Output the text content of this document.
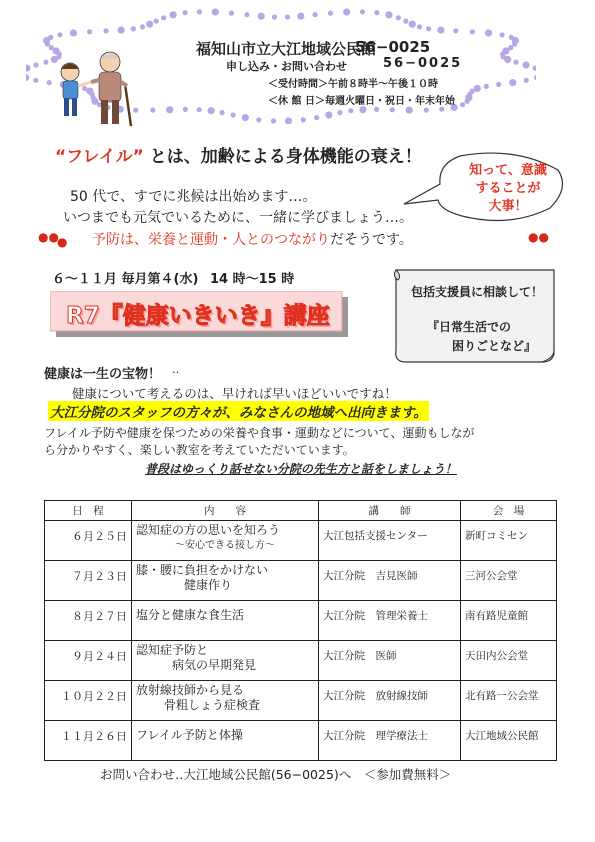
福知山市立大江地域公民館
56−0025
申し込み・お問い合わせ	56−0025
＜受付時間＞午前８時半〜午後１０時
＜休 館 日＞毎週火曜日・祝日・年末年始
“フレイル” とは、加齢による身体機能の衰え！
50 代で、すでに兆候は出始めます…。
いつまでも元気でいるために、一緒に学びましょう…。
予防は、栄養と運動・人とのつながりだそうです。
●●
●	●●
知って、意識
することが
大事！
６〜１１月 毎月第４(水) 14 時〜15 時
R7『健康いきいき』講座
包括支援員に相談して！
『日常生活での
困りごとなど』
健康は一生の宝物！ ‥
健康について考えるのは、早ければ早いほどいいですね！
大江分院のスタッフの方々が、みなさんの地域へ出向きます。
フレイル予防や健康を保つための栄養や食事・運動などについて、運動もしなが
ら分かりやすく、楽しい教室を考えていただいています。
普段はゆっくり話せない分院の先生方と話をしましょう！
日　程	内　　容	講　　師	会　場
６月２５日	認知症の方の思いを知ろう
〜安心できる接し方〜	大江包括支援センター	新町コミセン
７月２３日	膝・腰に負担をかけない
健康作り	大江分院　吉見医師	三河公会堂
８月２７日	塩分と健康な食生活	大江分院　管理栄養士	南有路児童館
９月２４日	認知症予防と
病気の早期発見	大江分院　医師	天田内公会堂
１０月２２日	放射線技師から見る
骨粗しょう症検査	大江分院　放射線技師	北有路一公会堂
１１月２６日	フレイル予防と体操	大江分院　理学療法士	大江地域公民館
お問い合わせ‥大江地域公民館(56−0025)へ　＜参加費無料＞
